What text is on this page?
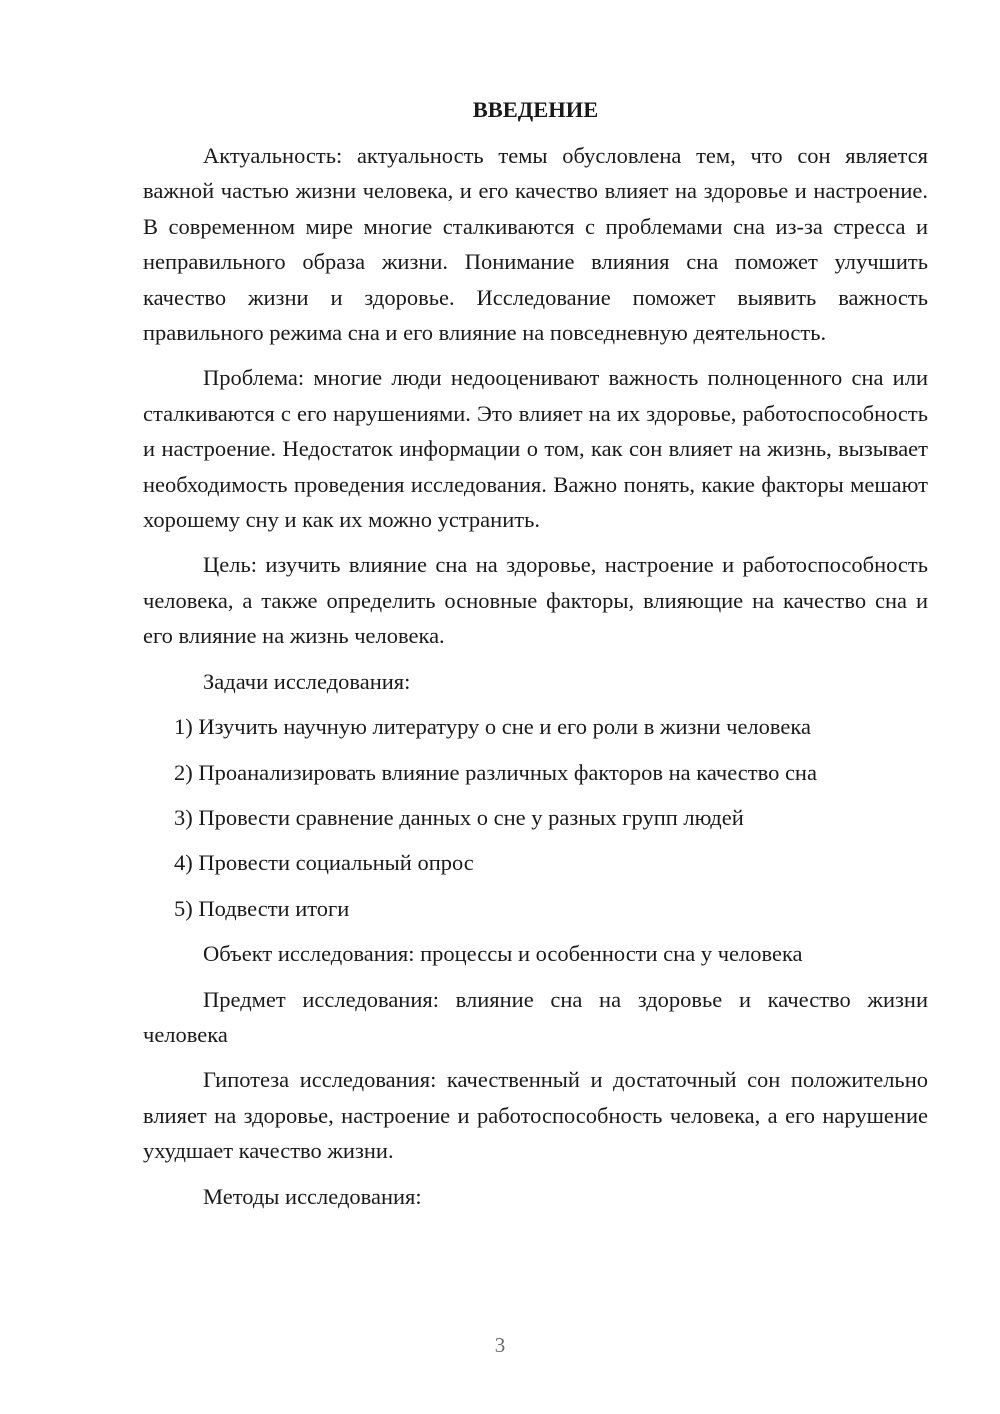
ВВЕДЕНИЕ

Актуальность: актуальность темы обусловлена тем, что сон является важной частью жизни человека, и его качество влияет на здоровье и настроение. В современном мире многие сталкиваются с проблемами сна из-за стресса и неправильного образа жизни. Понимание влияния сна поможет улучшить качество жизни и здоровье. Исследование поможет выявить важность правильного режима сна и его влияние на повседневную деятельность.

Проблема: многие люди недооценивают важность полноценного сна или сталкиваются с его нарушениями. Это влияет на их здоровье, работоспособность и настроение. Недостаток информации о том, как сон влияет на жизнь, вызывает необходимость проведения исследования. Важно понять, какие факторы мешают хорошему сну и как их можно устранить.

Цель: изучить влияние сна на здоровье, настроение и работоспособность человека, а также определить основные факторы, влияющие на качество сна и его влияние на жизнь человека.

Задачи исследования:

1) Изучить научную литературу о сне и его роли в жизни человека
2) Проанализировать влияние различных факторов на качество сна
3) Провести сравнение данных о сне у разных групп людей
4) Провести социальный опрос
5) Подвести итоги

Объект исследования: процессы и особенности сна у человека

Предмет исследования: влияние сна на здоровье и качество жизни человека

Гипотеза исследования: качественный и достаточный сон положительно влияет на здоровье, настроение и работоспособность человека, а его нарушение ухудшает качество жизни.

Методы исследования:

3
